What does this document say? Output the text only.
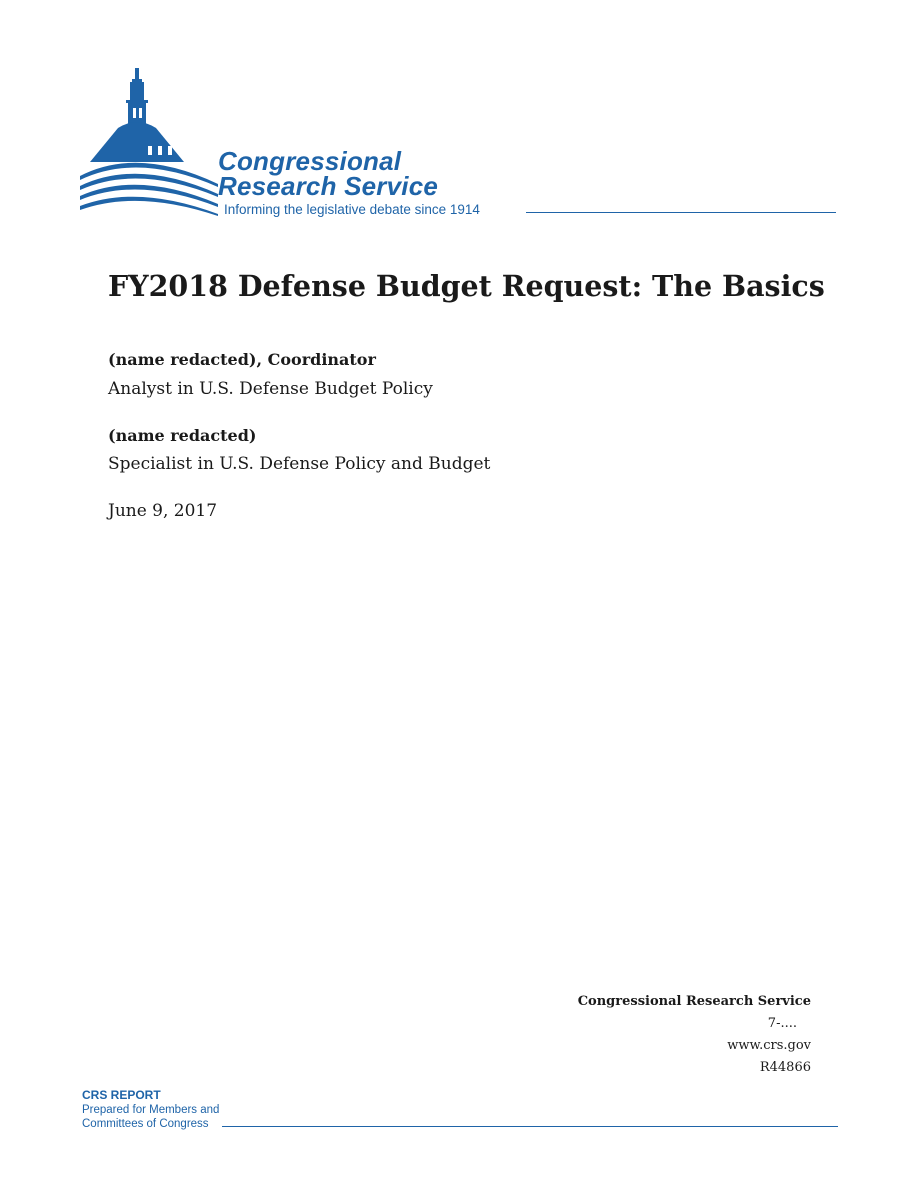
Congressional
Research Service
Informing the legislative debate since 1914
FY2018 Defense Budget Request: The Basics
(name redacted), Coordinator
Analyst in U.S. Defense Budget Policy
(name redacted)
Specialist in U.S. Defense Policy and Budget
June 9, 2017
Congressional Research Service
7-....
www.crs.gov
R44866
CRS REPORT
Prepared for Members and
Committees of Congress
